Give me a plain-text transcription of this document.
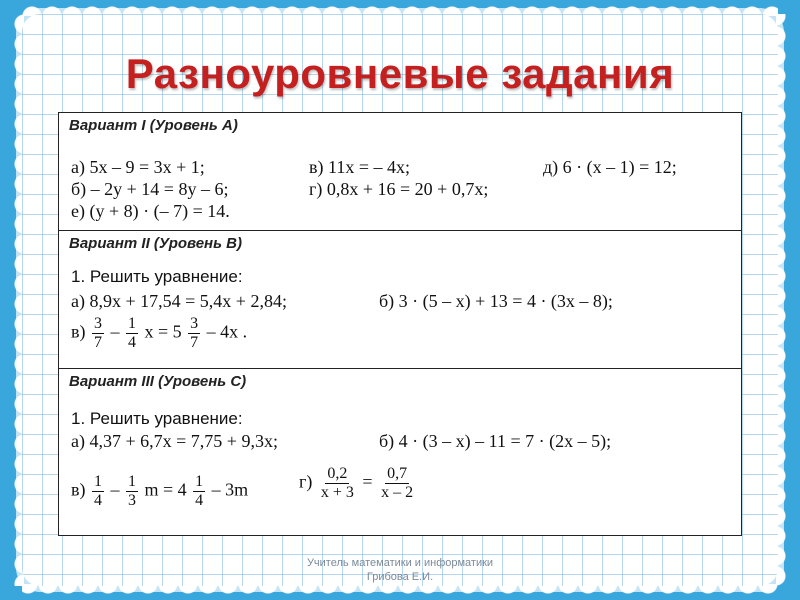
Разноуровневые задания
Вариант I (Уровень А)
а) 5x – 9 = 3x + 1;	в) 11x = – 4x;	д) 6 · (x – 1) = 12;
б) – 2y + 14 = 8y – 6;	г) 0,8x + 16 = 20 + 0,7x;
е) (y + 8) · (– 7) = 14.
Вариант II (Уровень В)
1. Решить уравнение:
а) 8,9x + 17,54 = 5,4x + 2,84;	б) 3 · (5 – x) + 13 = 4 · (3x – 8);
$в) \frac{3}{7} - \frac{1}{4}$ $x = 5 \frac{3}{7} - 4x$ .
Вариант III (Уровень С)
1. Решить уравнение:
а) 4,37 + 6,7x = 7,75 + 9,3x;	б) 4 · (3 – x) – 11 = 7 · (2x – 5);
$в) \frac{1}{4} - \frac{1}{3}$ $m = 4 \frac{1}{4} - 3m$	$г) \frac{0,2}{x + 3} = \frac{0,7}{x - 2}$
Учитель математики и информатики
Грибова Е.И.
